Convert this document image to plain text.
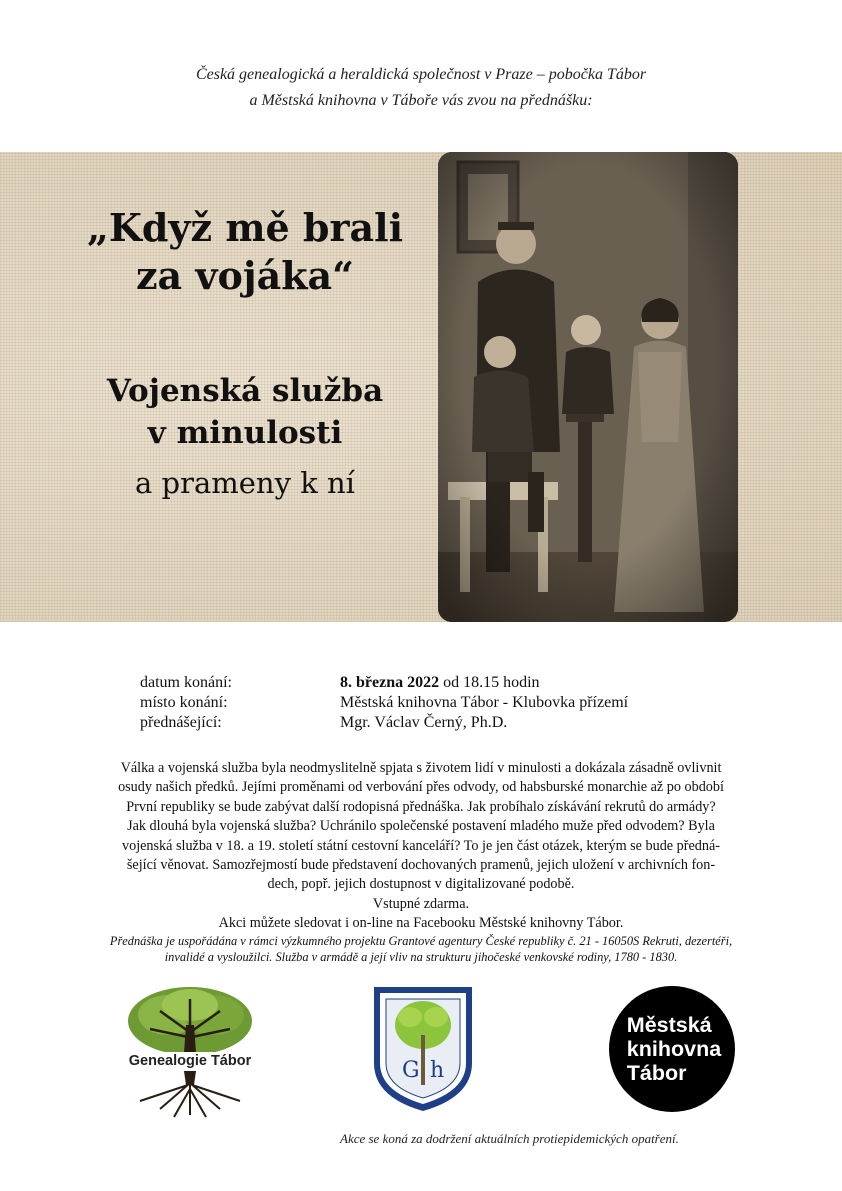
Česká genealogická a heraldická společnost v Praze – pobočka Tábor
a Městská knihovna v Táboře vás zvou na přednášku:
„Když mě brali
za vojáka“
Vojenská služba
v minulosti
a prameny k ní
datum konání:	8. března 2022 od 18.15 hodin
místo konání:	Městská knihovna Tábor - Klubovka přízemí
přednášející:	Mgr. Václav Černý, Ph.D.

Válka a vojenská služba byla neodmyslitelně spjata s životem lidí v minulosti a dokázala zásadně ovlivnit

osudy našich předků. Jejími proměnami od verbování přes odvody, od habsburské monarchie až po období

První republiky se bude zabývat další rodopisná přednáška. Jak probíhalo získávání rekrutů do armády?

Jak dlouhá byla vojenská služba? Uchránilo společenské postavení mladého muže před odvodem? Byla

vojenská služba v 18. a 19. století státní cestovní kanceláří? To je jen část otázek, kterým se bude předná-

šející věnovat. Samozřejmostí bude představení dochovaných pramenů, jejich uložení v archivních fon-

dech, popř. jejich dostupnost v digitalizované podobě.

Vstupné zdarma.

Akci můžete sledovat i on-line na Facebooku Městské knihovny Tábor.

Přednáška je uspořádána v rámci výzkumného projektu Grantové agentury České republiky č. 21 - 16050S Rekruti, dezertéři,
invalidé a vysloužilci. Služba v armádě a její vliv na strukturu jihočeské venkovské rodiny, 1780 - 1830.
Genealogie Tábor	G h
Městská
knihovna
Tábor
Akce se koná za dodržení aktuálních protiepidemických opatření.
